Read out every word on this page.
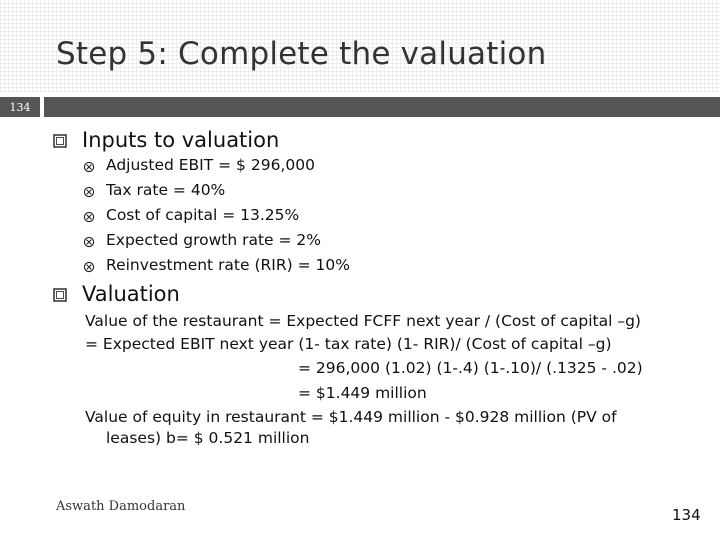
Step 5: Complete the valuation
134
Inputs to valuation
Adjusted EBIT = $ 296,000
Tax rate = 40%
Cost of capital = 13.25%
Expected growth rate = 2%
Reinvestment rate (RIR) = 10%
Valuation
Value of the restaurant = Expected FCFF next year / (Cost of capital –g)
= Expected EBIT next year (1- tax rate) (1- RIR)/ (Cost of capital –g)
= 296,000 (1.02) (1-.4) (1-.10)/ (.1325 - .02)
= $1.449 million
Value of equity in restaurant = $1.449 million - $0.928 million (PV of
leases) b= $ 0.521 million
Aswath Damodaran	134
